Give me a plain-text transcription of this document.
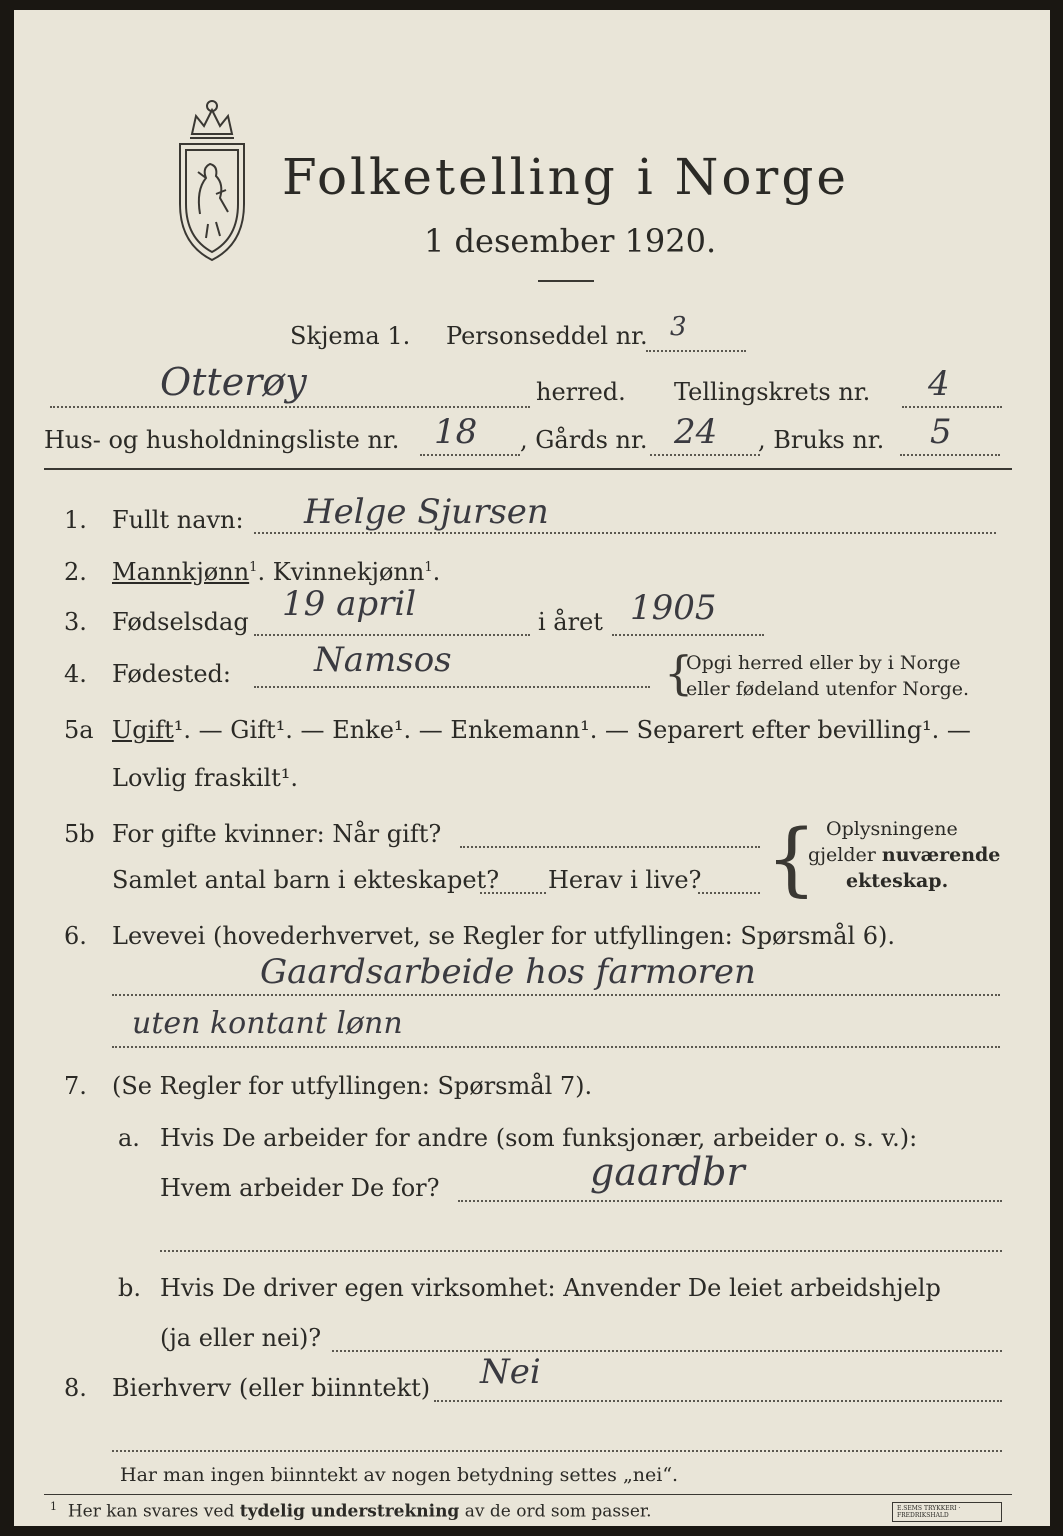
Folketelling i Norge
1 desember 1920.
Skjema 1. Personseddel nr. 3
Otterøy	herred. Tellingskrets nr. 4
Hus- og husholdningsliste nr. 18 , Gårds nr. 24 , Bruks nr. 5
1. Fullt navn: Helge Sjursen
2. Mannkjønn$^1$. Kvinnekjønn$^1$.
3. Fødselsdag 19 april	i året 1905
4. Fødested: Namsos	{
Opgi herred eller by i Norge
eller fødeland utenfor Norge.
5a Ugift¹. — Gift¹. — Enke¹. — Enkemann¹. — Separert efter bevilling¹. —
Lovlig fraskilt¹.
5b For gifte kvinner: Når gift?
Samlet antal barn i ekteskapet? Herav i live? { Oplysningene
gjelder nuværende
ekteskap.
6. Levevei (hovederhvervet, se Regler for utfyllingen: Spørsmål 6).
Gaardsarbeide hos farmoren
uten kontant lønn
7. (Se Regler for utfyllingen: Spørsmål 7).
a. Hvis De arbeider for andre (som funksjonær, arbeider o. s. v.):
Hvem arbeider De for?	gaardbr
b. Hvis De driver egen virksomhet: Anvender De leiet arbeidshjelp
(ja eller nei)?
8. Bierhverv (eller biinntekt) Nei
Har man ingen biinntekt av nogen betydning settes „nei“.
$^1$ Her kan svares ved tydelig understrekning av de ord som passer.	E.SEMS TRYKKERI · FREDRIKSHALD
